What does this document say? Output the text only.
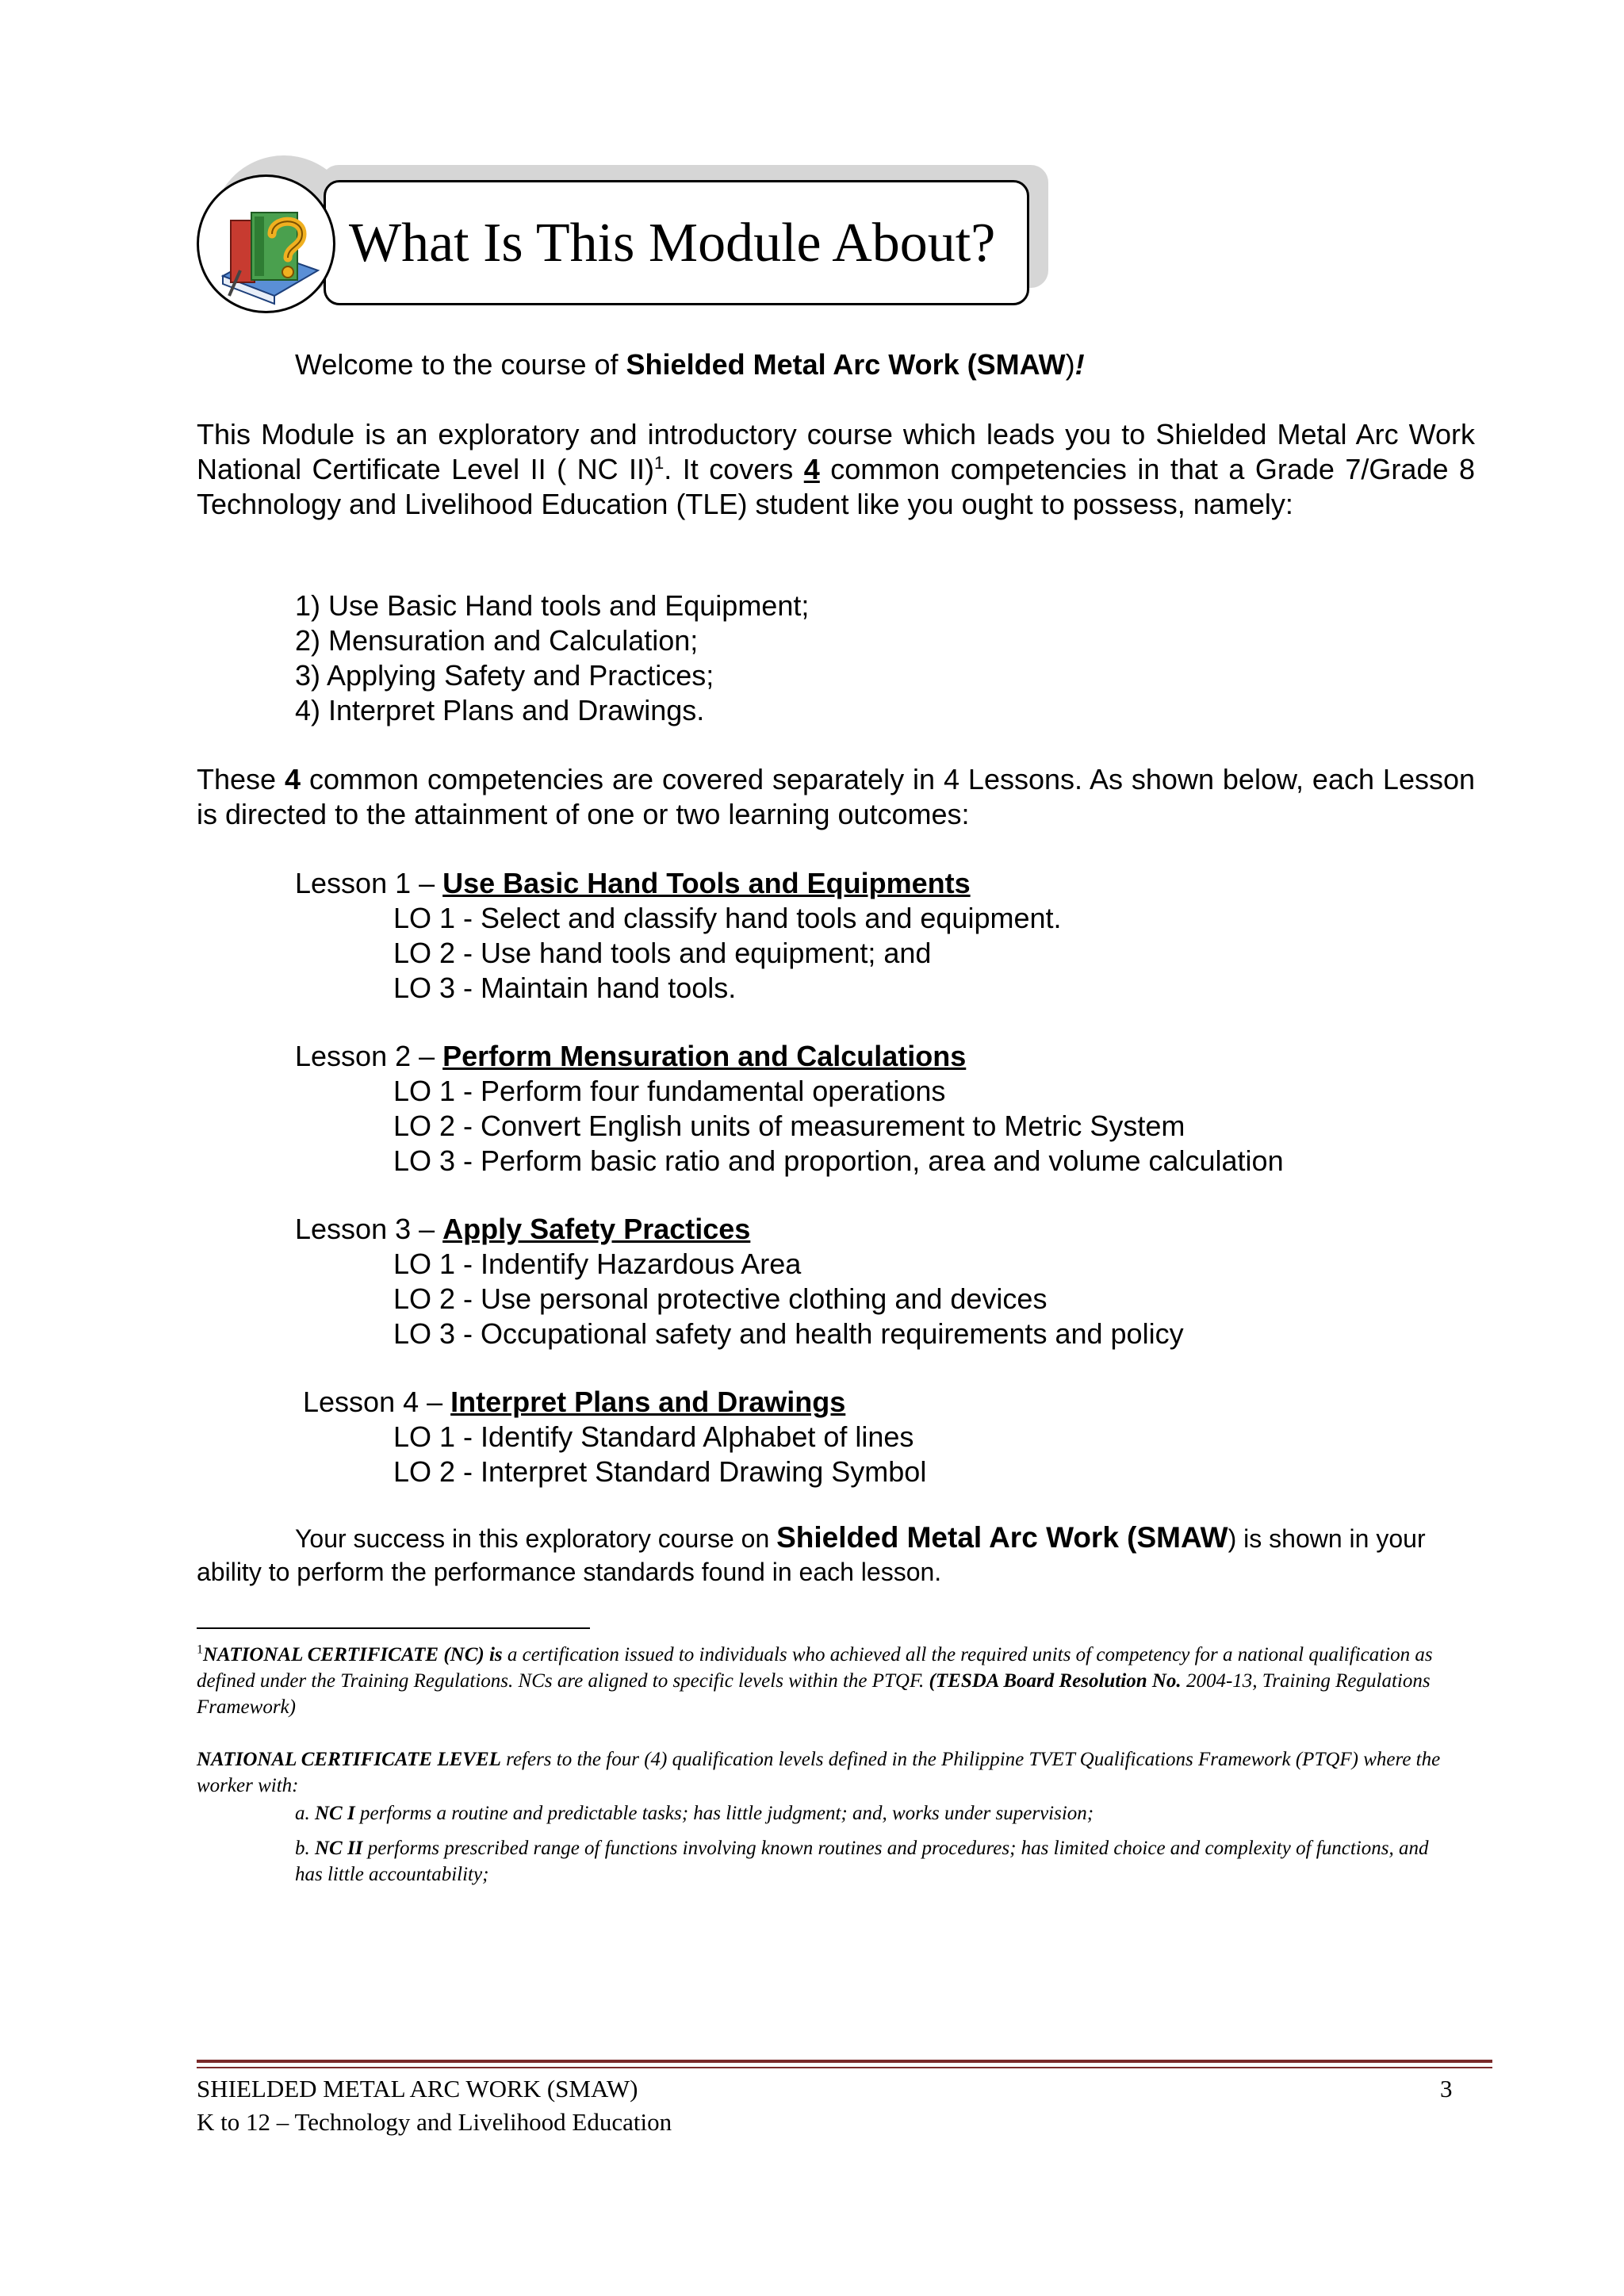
What Is This Module About?
Welcome to the course of Shielded Metal Arc Work (SMAW)!
This Module is an exploratory and introductory course which leads you to Shielded Metal Arc Work National Certificate Level II ( NC II)$^1$. It covers 4 common competencies in that a Grade 7/Grade 8 Technology and Livelihood Education (TLE) student like you ought to possess, namely:
1) Use Basic Hand tools and Equipment;
2) Mensuration and Calculation;
3) Applying Safety and Practices;
4) Interpret Plans and Drawings.
These 4 common competencies are covered separately in 4 Lessons. As shown below, each Lesson is directed to the attainment of one or two learning outcomes:
Lesson 1 – Use Basic Hand Tools and Equipments
LO 1 - Select and classify hand tools and equipment.
LO 2 - Use hand tools and equipment; and
LO 3 - Maintain hand tools.
Lesson 2 – Perform Mensuration and Calculations
LO 1 - Perform four fundamental operations
LO 2 - Convert English units of measurement to Metric System
LO 3 - Perform basic ratio and proportion, area and volume calculation
Lesson 3 – Apply Safety Practices
LO 1 - Indentify Hazardous Area
LO 2 - Use personal protective clothing and devices
LO 3 - Occupational safety and health requirements and policy
Lesson 4 – Interpret Plans and Drawings
LO 1 - Identify Standard Alphabet of lines
LO 2 - Interpret Standard Drawing Symbol
Your success in this exploratory course on Shielded Metal Arc Work (SMAW) is shown in your ability to perform the performance standards found in each lesson.
$^1$NATIONAL CERTIFICATE (NC) is a certification issued to individuals who achieved all the required units of competency for a national qualification as defined under the Training Regulations. NCs are aligned to specific levels within the PTQF. (TESDA Board Resolution No. 2004-13, Training Regulations Framework)
NATIONAL CERTIFICATE LEVEL refers to the four (4) qualification levels defined in the Philippine TVET Qualifications Framework (PTQF) where the worker with:
a. NC I performs a routine and predictable tasks; has little judgment; and, works under supervision;
b. NC II performs prescribed range of functions involving known routines and procedures; has limited choice and complexity of functions, and has little accountability;
SHIELDED METAL ARC WORK (SMAW)
K to 12 – Technology and Livelihood Education
3
